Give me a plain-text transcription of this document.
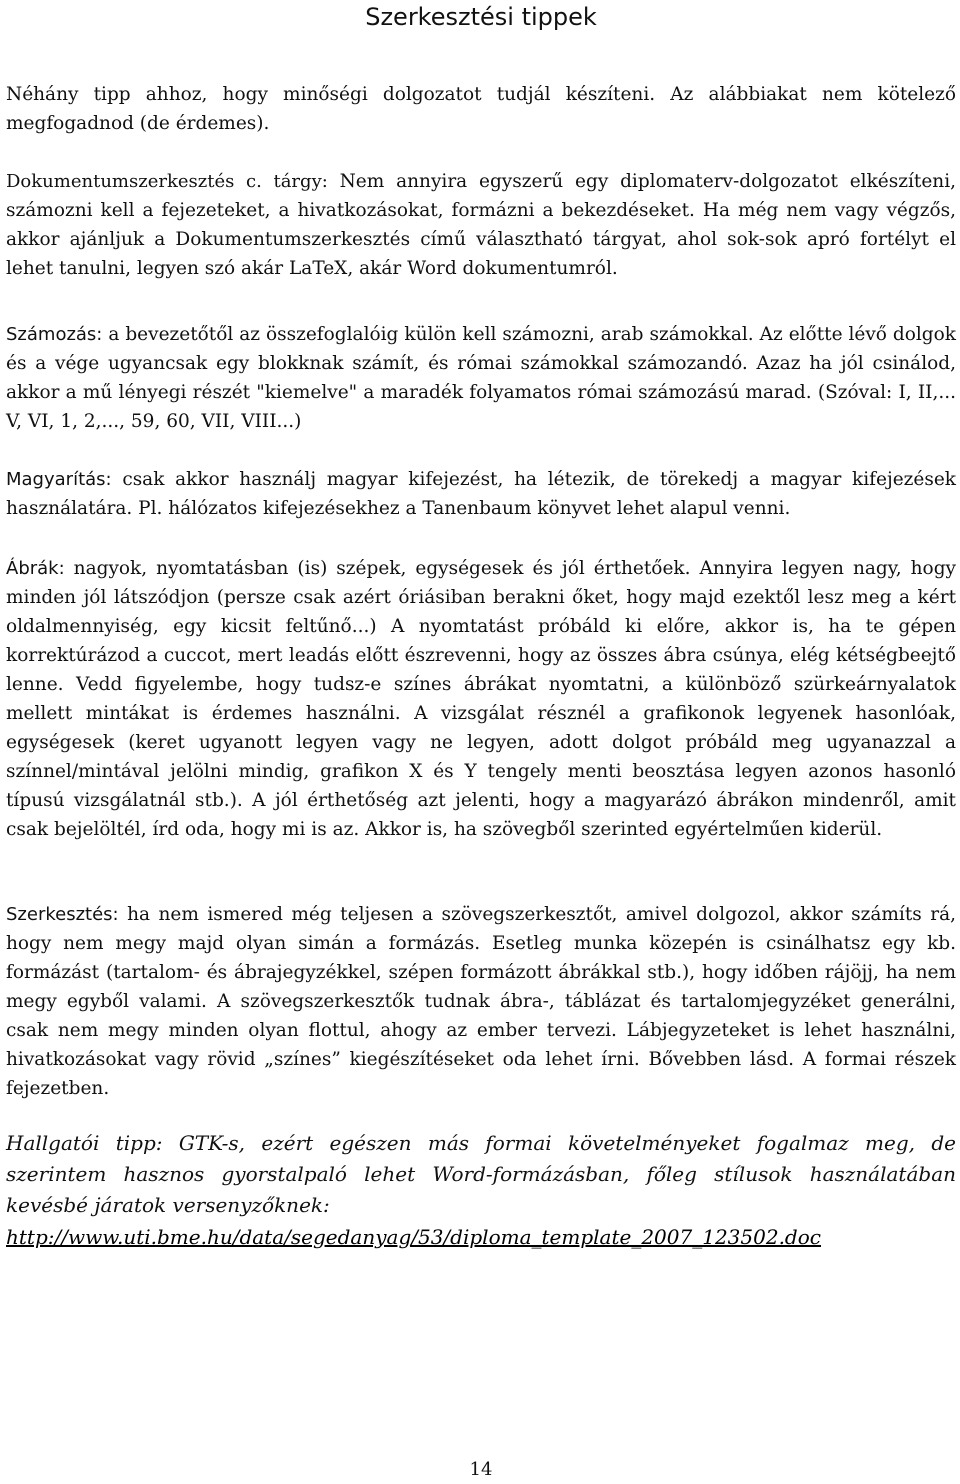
Szerkesztési tippek

Néhány tipp ahhoz, hogy minőségi dolgozatot tudjál készíteni. Az alábbiakat nem kötelező megfogadnod (de érdemes).

Dokumentumszerkesztés c. tárgy: Nem annyira egyszerű egy diplomaterv-dolgozatot elkészíteni, számozni kell a fejezeteket, a hivatkozásokat, formázni a bekezdéseket. Ha még nem vagy végzős, akkor ajánljuk a Dokumentumszerkesztés című választható tárgyat, ahol sok-sok apró fortélyt el lehet tanulni, legyen szó akár LaTeX, akár Word dokumentumról.

Számozás: a bevezetőtől az összefoglalóig külön kell számozni, arab számokkal. Az előtte lévő dolgok és a vége ugyancsak egy blokknak számít, és római számokkal számozandó. Azaz ha jól csinálod, akkor a mű lényegi részét "kiemelve" a maradék folyamatos római számozású marad. (Szóval: I, II,... V, VI, 1, 2,..., 59, 60, VII, VIII...)

Magyarítás: csak akkor használj magyar kifejezést, ha létezik, de törekedj a magyar kifejezések használatára. Pl. hálózatos kifejezésekhez a Tanenbaum könyvet lehet alapul venni.

Ábrák: nagyok, nyomtatásban (is) szépek, egységesek és jól érthetőek. Annyira legyen nagy, hogy minden jól látszódjon (persze csak azért óriásiban berakni őket, hogy majd ezektől lesz meg a kért oldalmennyiség, egy kicsit feltűnő...) A nyomtatást próbáld ki előre, akkor is, ha te gépen korrektúrázod a cuccot, mert leadás előtt észrevenni, hogy az összes ábra csúnya, elég kétségbeejtő lenne. Vedd figyelembe, hogy tudsz-e színes ábrákat nyomtatni, a különböző szürkeárnyalatok mellett mintákat is érdemes használni. A vizsgálat résznél a grafikonok legyenek hasonlóak, egységesek (keret ugyanott legyen vagy ne legyen, adott dolgot próbáld meg ugyanazzal a színnel/mintával jelölni mindig, grafikon X és Y tengely menti beosztása legyen azonos hasonló típusú vizsgálatnál stb.). A jól érthetőség azt jelenti, hogy a magyarázó ábrákon mindenről, amit csak bejelöltél, írd oda, hogy mi is az. Akkor is, ha szövegből szerinted egyértelműen kiderül.

Szerkesztés: ha nem ismered még teljesen a szövegszerkesztőt, amivel dolgozol, akkor számíts rá, hogy nem megy majd olyan simán a formázás. Esetleg munka közepén is csinálhatsz egy kb. formázást (tartalom- és ábrajegyzékkel, szépen formázott ábrákkal stb.), hogy időben rájöjj, ha nem megy egyből valami. A szövegszerkesztők tudnak ábra-, táblázat és tartalomjegyzéket generálni, csak nem megy minden olyan flottul, ahogy az ember tervezi. Lábjegyzeteket is lehet használni, hivatkozásokat vagy rövid „színes” kiegészítéseket oda lehet írni. Bővebben lásd. A formai részek fejezetben.

Hallgatói tipp: GTK-s, ezért egészen más formai követelményeket fogalmaz meg, de szerintem hasznos gyorstalpaló lehet Word-formázásban, főleg stílusok használatában kevésbé járatok versenyzőknek:

http://www.uti.bme.hu/data/segedanyag/53/diploma_template_2007_123502.doc
14
